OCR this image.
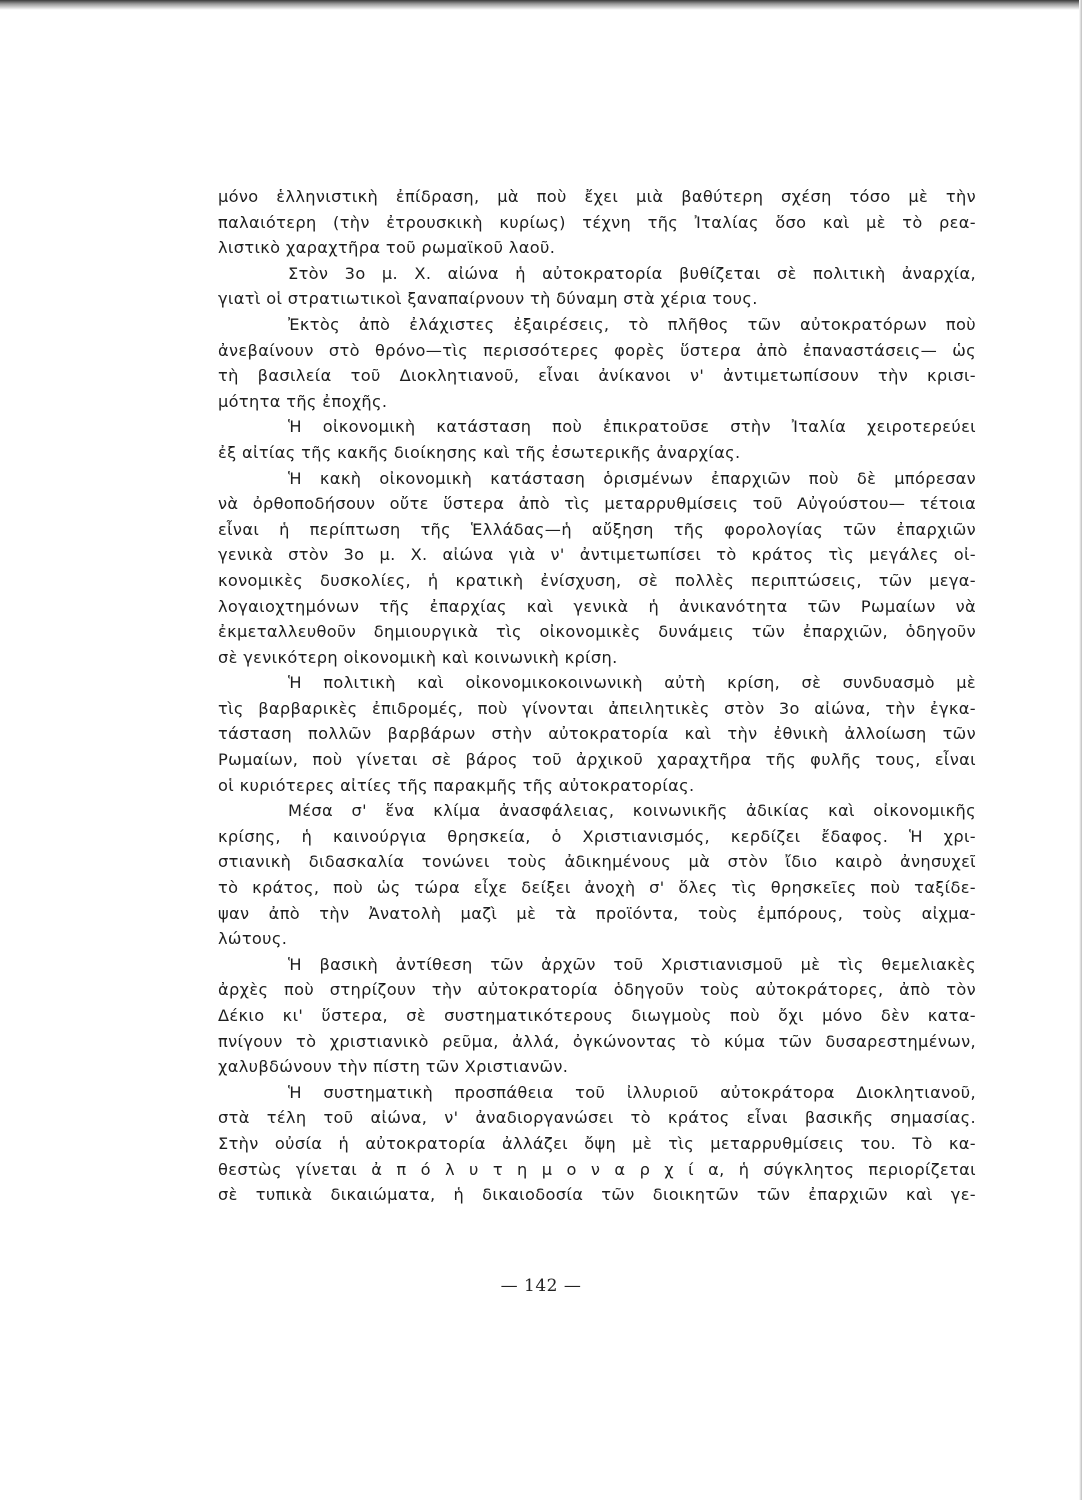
μόνο ἑλληνιστικὴ ἐπίδραση, μὰ ποὺ ἔχει μιὰ βαθύτερη σχέση τόσο μὲ τὴν
παλαιότερη (τὴν ἐτρουσκικὴ κυρίως) τέχνη τῆς Ἰταλίας ὅσο καὶ μὲ τὸ ρεα-
λιστικὸ χαραχτῆρα τοῦ ρωμαϊκοῦ λαοῦ.
Στὸν 3ο μ. Χ. αἰώνα ἡ αὐτοκρατορία βυθίζεται σὲ πολιτικὴ ἀναρχία,
γιατὶ οἱ στρατιωτικοὶ ξαναπαίρνουν τὴ δύναμη στὰ χέρια τους.
Ἐκτὸς ἀπὸ ἐλάχιστες ἐξαιρέσεις, τὸ πλῆθος τῶν αὐτοκρατόρων ποὺ
ἀνεβαίνουν στὸ θρόνο—τὶς περισσότερες φορὲς ὕστερα ἀπὸ ἐπαναστάσεις— ὡς
τὴ βασιλεία τοῦ Διοκλητιανοῦ, εἶναι ἀνίκανοι ν' ἀντιμετωπίσουν τὴν κρισι-
μότητα τῆς ἐποχῆς.
Ἡ οἰκονομικὴ κατάσταση ποὺ ἐπικρατοῦσε στὴν Ἰταλία χειροτερεύει
ἐξ αἰτίας τῆς κακῆς διοίκησης καὶ τῆς ἐσωτερικῆς ἀναρχίας.
Ἡ κακὴ οἰκονομικὴ κατάσταση ὁρισμένων ἐπαρχιῶν ποὺ δὲ μπόρεσαν
νὰ ὀρθοποδήσουν οὔτε ὕστερα ἀπὸ τὶς μεταρρυθμίσεις τοῦ Αὐγούστου— τέτοια
εἶναι ἡ περίπτωση τῆς Ἑλλάδας—ἡ αὔξηση τῆς φορολογίας τῶν ἐπαρχιῶν
γενικὰ στὸν 3ο μ. Χ. αἰώνα γιὰ ν' ἀντιμετωπίσει τὸ κράτος τὶς μεγάλες οἰ-
κονομικὲς δυσκολίες, ἡ κρατικὴ ἐνίσχυση, σὲ πολλὲς περιπτώσεις, τῶν μεγα-
λογαιοχτημόνων τῆς ἐπαρχίας καὶ γενικὰ ἡ ἀνικανότητα τῶν Ρωμαίων νὰ
ἐκμεταλλευθοῦν δημιουργικὰ τὶς οἰκονομικὲς δυνάμεις τῶν ἐπαρχιῶν, ὁδηγοῦν
σὲ γενικότερη οἰκονομικὴ καὶ κοινωνικὴ κρίση.
Ἡ πολιτικὴ καὶ οἰκονομικοκοινωνικὴ αὐτὴ κρίση, σὲ συνδυασμὸ μὲ
τὶς βαρβαρικὲς ἐπιδρομές, ποὺ γίνονται ἀπειλητικὲς στὸν 3ο αἰώνα, τὴν ἐγκα-
τάσταση πολλῶν βαρβάρων στὴν αὐτοκρατορία καὶ τὴν ἐθνικὴ ἀλλοίωση τῶν
Ρωμαίων, ποὺ γίνεται σὲ βάρος τοῦ ἀρχικοῦ χαραχτῆρα τῆς φυλῆς τους, εἶναι
οἱ κυριότερες αἰτίες τῆς παρακμῆς τῆς αὐτοκρατορίας.
Μέσα σ' ἕνα κλίμα ἀνασφάλειας, κοινωνικῆς ἀδικίας καὶ οἰκονομικῆς
κρίσης, ἡ καινούργια θρησκεία, ὁ Χριστιανισμός, κερδίζει ἔδαφος. Ἡ χρι-
στιανικὴ διδασκαλία τονώνει τοὺς ἀδικημένους μὰ στὸν ἴδιο καιρὸ ἀνησυχεῖ
τὸ κράτος, ποὺ ὡς τώρα εἶχε δείξει ἀνοχὴ σ' ὅλες τὶς θρησκεῖες ποὺ ταξίδε-
ψαν ἀπὸ τὴν Ἀνατολὴ μαζὶ μὲ τὰ προϊόντα, τοὺς ἐμπόρους, τοὺς αἰχμα-
λώτους.
Ἡ βασικὴ ἀντίθεση τῶν ἀρχῶν τοῦ Χριστιανισμοῦ μὲ τὶς θεμελιακὲς
ἀρχὲς ποὺ στηρίζουν τὴν αὐτοκρατορία ὁδηγοῦν τοὺς αὐτοκράτορες, ἀπὸ τὸν
Δέκιο κι' ὕστερα, σὲ συστηματικότερους διωγμοὺς ποὺ ὄχι μόνο δὲν κατα-
πνίγουν τὸ χριστιανικὸ ρεῦμα, ἀλλά, ὀγκώνοντας τὸ κύμα τῶν δυσαρεστημένων,
χαλυβδώνουν τὴν πίστη τῶν Χριστιανῶν.
Ἡ συστηματικὴ προσπάθεια τοῦ ἰλλυριοῦ αὐτοκράτορα Διοκλητιανοῦ,
στὰ τέλη τοῦ αἰώνα, ν' ἀναδιοργανώσει τὸ κράτος εἶναι βασικῆς σημασίας.
Στὴν οὐσία ἡ αὐτοκρατορία ἀλλάζει ὄψη μὲ τὶς μεταρρυθμίσεις του. Τὸ κα-
θεστὼς γίνεται ἀ π ό λ υ τ η μ ο ν α ρ χ ί α, ἡ σύγκλητος περιορίζεται
σὲ τυπικὰ δικαιώματα, ἡ δικαιοδοσία τῶν διοικητῶν τῶν ἐπαρχιῶν καὶ γε-
— 142 —
